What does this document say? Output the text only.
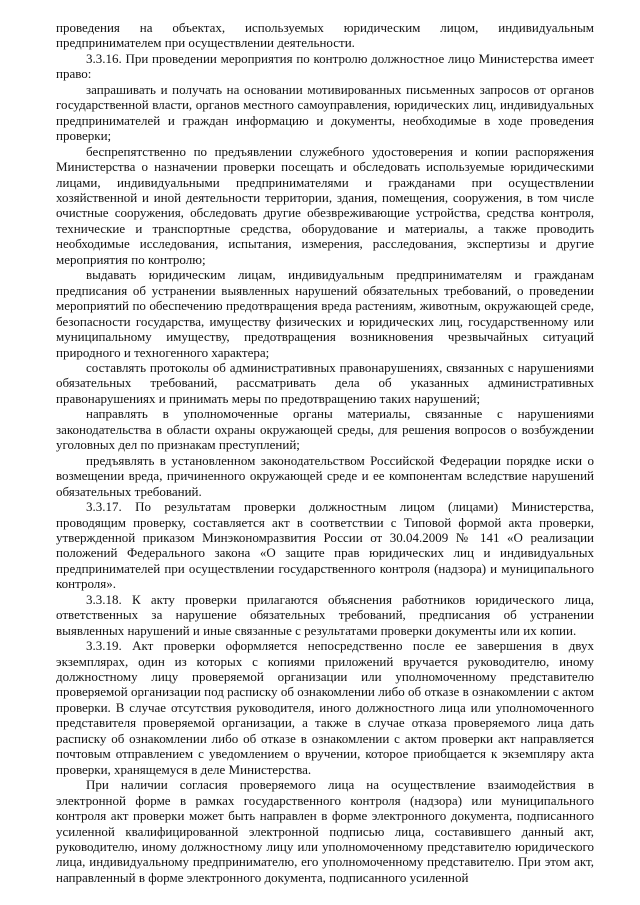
проведения на объектах, используемых юридическим лицом, индивидуальным предпринимателем при осуществлении деятельности.

3.3.16. При проведении мероприятия по контролю должностное лицо Министерства имеет право:

запрашивать и получать на основании мотивированных письменных запросов от органов государственной власти, органов местного самоуправления, юридических лиц, индивидуальных предпринимателей и граждан информацию и документы, необходимые в ходе проведения проверки;

беспрепятственно по предъявлении служебного удостоверения и копии распоряжения Министерства о назначении проверки посещать и обследовать используемые юридическими лицами, индивидуальными предпринимателями и гражданами при осуществлении хозяйственной и иной деятельности территории, здания, помещения, сооружения, в том числе очистные сооружения, обследовать другие обезвреживающие устройства, средства контроля, технические и транспортные средства, оборудование и материалы, а также проводить необходимые исследования, испытания, измерения, расследования, экспертизы и другие мероприятия по контролю;

выдавать юридическим лицам, индивидуальным предпринимателям и гражданам предписания об устранении выявленных нарушений обязательных требований, о проведении мероприятий по обеспечению предотвращения вреда растениям, животным, окружающей среде, безопасности государства, имуществу физических и юридических лиц, государственному или муниципальному имуществу, предотвращения возникновения чрезвычайных ситуаций природного и техногенного характера;

составлять протоколы об административных правонарушениях, связанных с нарушениями обязательных требований, рассматривать дела об указанных административных правонарушениях и принимать меры по предотвращению таких нарушений;

направлять в уполномоченные органы материалы, связанные с нарушениями законодательства в области охраны окружающей среды, для решения вопросов о возбуждении уголовных дел по признакам преступлений;

предъявлять в установленном законодательством Российской Федерации порядке иски о возмещении вреда, причиненного окружающей среде и ее компонентам вследствие нарушений обязательных требований.

3.3.17. По результатам проверки должностным лицом (лицами) Министерства, проводящим проверку, составляется акт в соответствии с Типовой формой акта проверки, утвержденной приказом Минэкономразвития России от 30.04.2009 № 141 «О реализации положений Федерального закона «О защите прав юридических лиц и индивидуальных предпринимателей при осуществлении государственного контроля (надзора) и муниципального контроля».

3.3.18. К акту проверки прилагаются объяснения работников юридического лица, ответственных за нарушение обязательных требований, предписания об устранении выявленных нарушений и иные связанные с результатами проверки документы или их копии.

3.3.19. Акт проверки оформляется непосредственно после ее завершения в двух экземплярах, один из которых с копиями приложений вручается руководителю, иному должностному лицу проверяемой организации или уполномоченному представителю проверяемой организации под расписку об ознакомлении либо об отказе в ознакомлении с актом проверки. В случае отсутствия руководителя, иного должностного лица или уполномоченного представителя проверяемой организации, а также в случае отказа проверяемого лица дать расписку об ознакомлении либо об отказе в ознакомлении с актом проверки акт направляется почтовым отправлением с уведомлением о вручении, которое приобщается к экземпляру акта проверки, хранящемуся в деле Министерства.

При наличии согласия проверяемого лица на осуществление взаимодействия в электронной форме в рамках государственного контроля (надзора) или муниципального контроля акт проверки может быть направлен в форме электронного документа, подписанного усиленной квалифицированной электронной подписью лица, составившего данный акт, руководителю, иному должностному лицу или уполномоченному представителю юридического лица, индивидуальному предпринимателю, его уполномоченному представителю. При этом акт, направленный в форме электронного документа, подписанного усиленной
